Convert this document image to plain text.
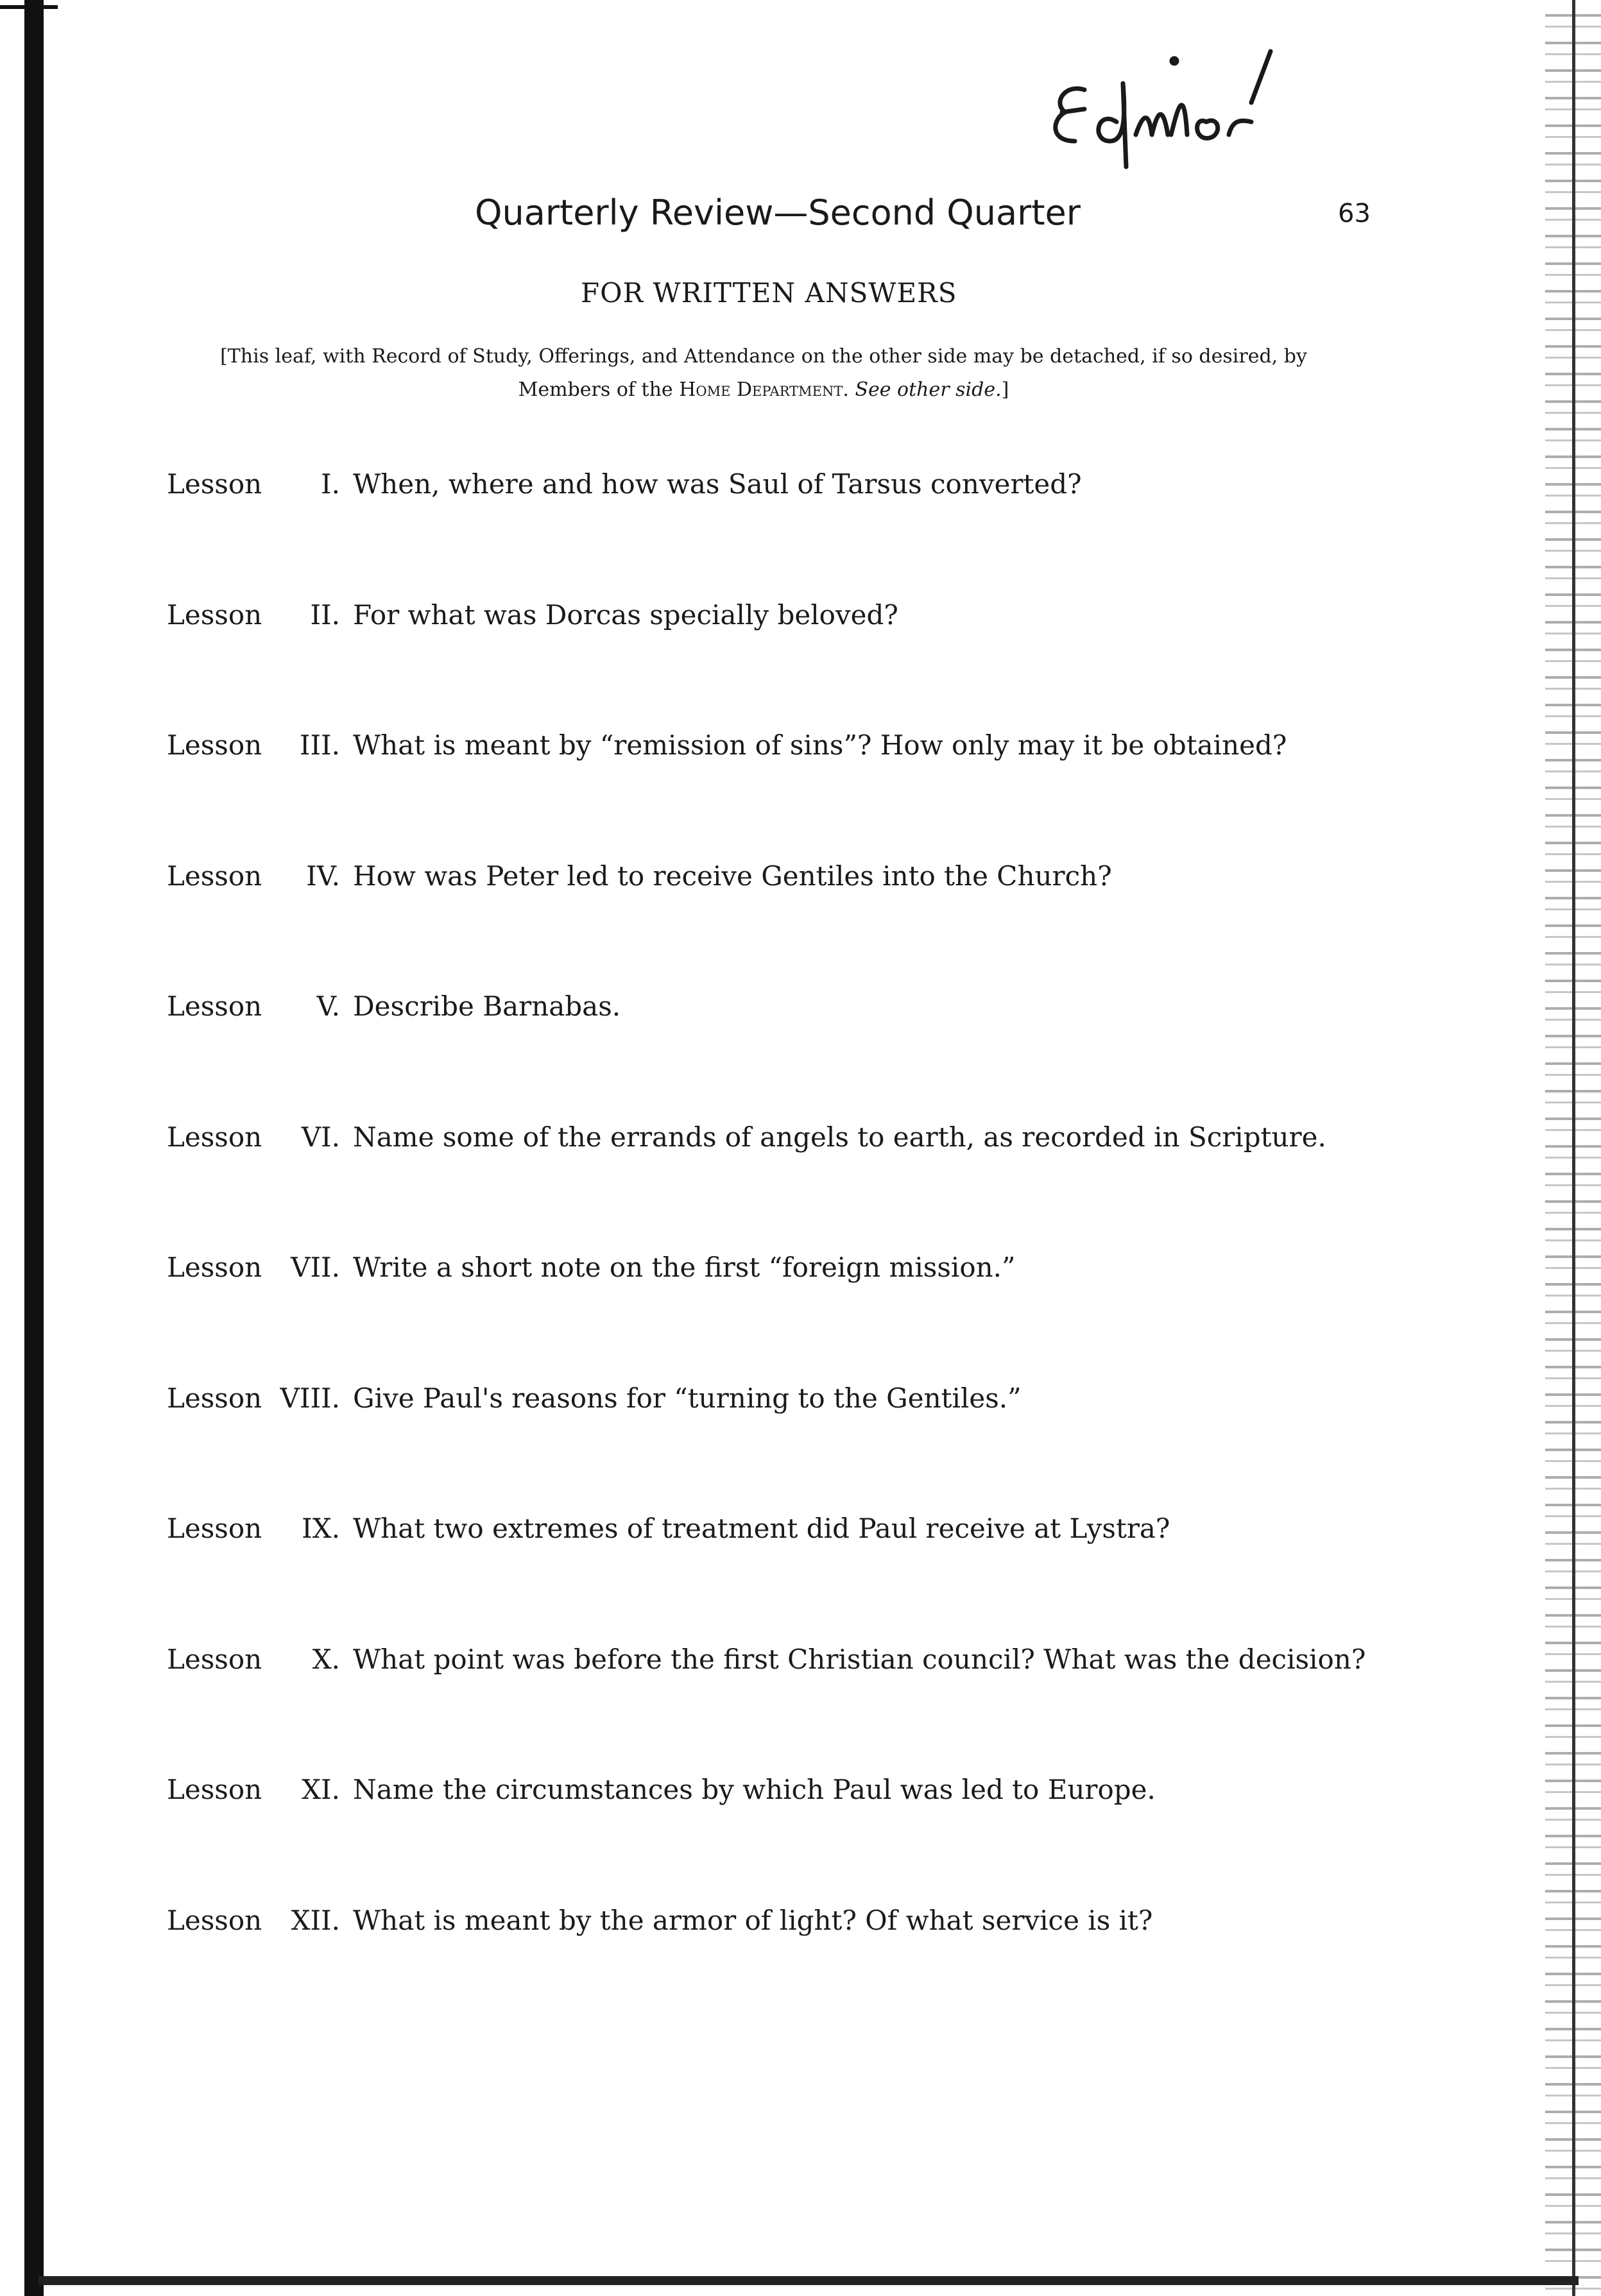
Editor
Quarterly Review—Second Quarter	63
FOR WRITTEN ANSWERS
[This leaf, with Record of Study, Offerings, and Attendance on the other side may be detached, if so desired, by Members of the Home Department. See other side.]
Lesson	I. When, where and how was Saul of Tarsus converted?
Lesson	II. For what was Dorcas specially beloved?
Lesson	III. What is meant by “remission of sins”? How only may it be obtained?
Lesson	IV. How was Peter led to receive Gentiles into the Church?
Lesson	V. Describe Barnabas.
Lesson	VI. Name some of the errands of angels to earth, as recorded in Scripture.
Lesson	VII. Write a short note on the first “foreign mission.”
Lesson VIII. Give Paul's reasons for “turning to the Gentiles.”
Lesson	IX. What two extremes of treatment did Paul receive at Lystra?
Lesson	X. What point was before the first Christian council? What was the decision?
Lesson	XI. Name the circumstances by which Paul was led to Europe.
Lesson	XII. What is meant by the armor of light? Of what service is it?
